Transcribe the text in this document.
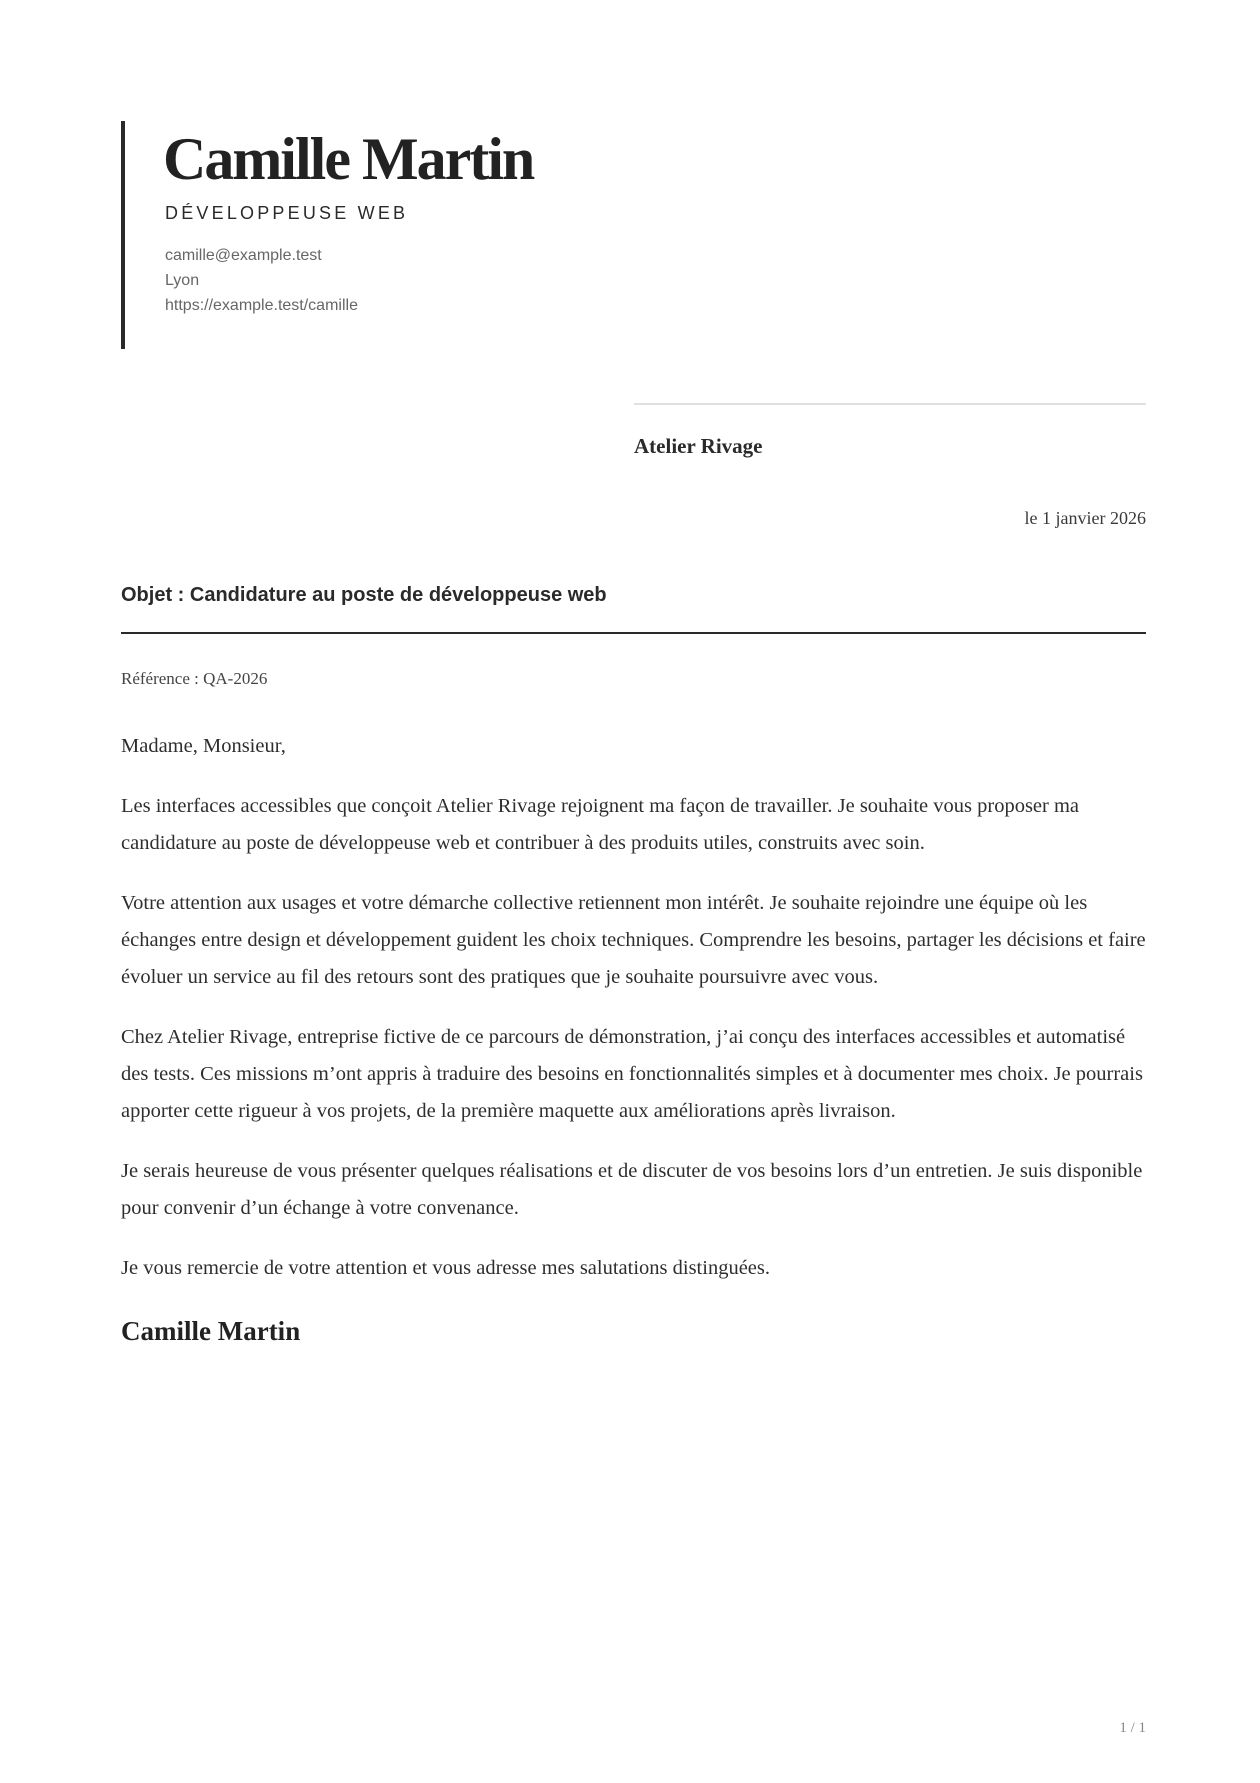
Camille Martin
DÉVELOPPEUSE WEB
camille@example.test
Lyon
https://example.test/camille
Atelier Rivage
le 1 janvier 2026
Objet : Candidature au poste de développeuse web
Référence : QA-2026

Madame, Monsieur,

Les interfaces accessibles que conçoit Atelier Rivage rejoignent ma façon de travailler. Je souhaite vous proposer ma candidature au poste de développeuse web et contribuer à des produits utiles, construits avec soin.

Votre attention aux usages et votre démarche collective retiennent mon intérêt. Je souhaite rejoindre une équipe où les échanges entre design et développement guident les choix techniques. Comprendre les besoins, partager les décisions et faire évoluer un service au fil des retours sont des pratiques que je souhaite poursuivre avec vous.

Chez Atelier Rivage, entreprise fictive de ce parcours de démonstration, j’ai conçu des interfaces accessibles et automatisé des tests. Ces missions m’ont appris à traduire des besoins en fonctionnalités simples et à documenter mes choix. Je pourrais apporter cette rigueur à vos projets, de la première maquette aux améliorations après livraison.

Je serais heureuse de vous présenter quelques réalisations et de discuter de vos besoins lors d’un entretien. Je suis disponible pour convenir d’un échange à votre convenance.

Je vous remercie de votre attention et vous adresse mes salutations distinguées.

Camille Martin
1 / 1
